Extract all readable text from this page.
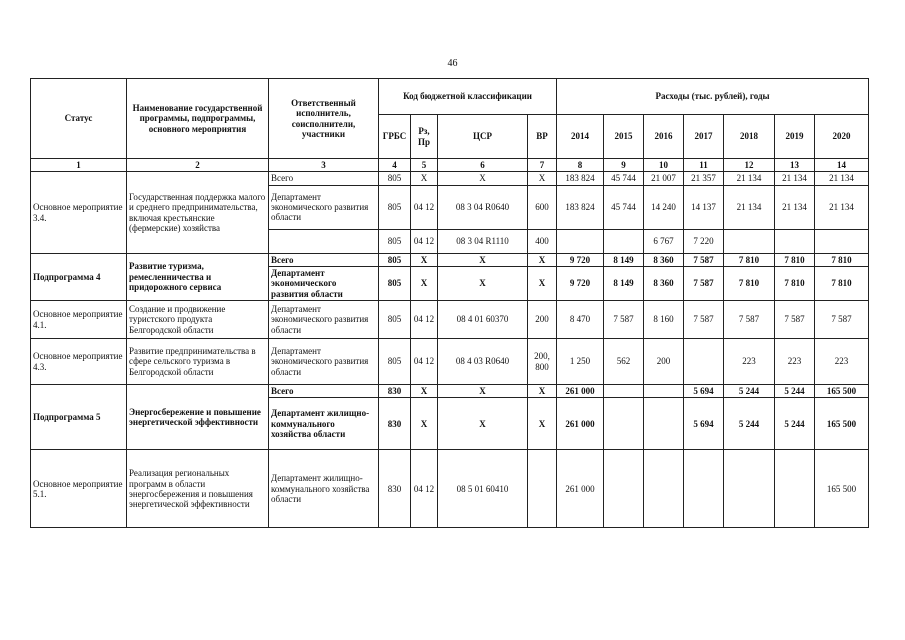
46
Статус	Наименование государственной программы, подпрограммы, основного мероприятия	Ответственный исполнитель, соисполнители, участники	Код бюджетной классификации				Расходы (тыс. рублей), годы						
			ГРБС	Рз, Пр	ЦСР	ВР	2014	2015	2016	2017	2018	2019	2020
1	2	3	4	5	6	7	8	9	10	11	12	13	14
Основное мероприятие 3.4.	Государственная поддержка малого и среднего предпринимательства, включая крестьянские (фермерские) хозяйства	Всего	805	Х	Х	Х	183 824	45 744	21 007	21 357	21 134	21 134	21 134
		Департамент экономического развития области	805	04 12	08 3 04 R0640	600	183 824	45 744	14 240	14 137	21 134	21 134	21 134
			805	04 12	08 3 04 R1110	400			6 767	7 220			
Подпрограмма 4	Развитие туризма, ремесленничества и придорожного сервиса	Всего	805	Х	Х	Х	9 720	8 149	8 360	7 587	7 810	7 810	7 810
		Департамент экономического развития области	805	Х	Х	Х	9 720	8 149	8 360	7 587	7 810	7 810	7 810
Основное мероприятие 4.1.	Создание и продвижение туристского продукта Белгородской области	Департамент экономического развития области	805	04 12	08 4 01 60370	200	8 470	7 587	8 160	7 587	7 587	7 587	7 587
Основное мероприятие 4.3.	Развитие предпринимательства в сфере сельского туризма в Белгородской области	Департамент экономического развития области	805	04 12	08 4 03 R0640	200, 800	1 250	562	200		223	223	223
Подпрограмма 5	Энергосбережение и повышение энергетической эффективности	Всего	830	Х	Х	Х	261 000			5 694	5 244	5 244	165 500
		Департамент жилищно-коммунального хозяйства области	830	Х	Х	Х	261 000			5 694	5 244	5 244	165 500
Основное мероприятие 5.1.	Реализация региональных программ в области энергосбережения и повышения энергетической эффективности	Департамент жилищно-коммунального хозяйства области	830	04 12	08 5 01 60410		261 000						165 500
